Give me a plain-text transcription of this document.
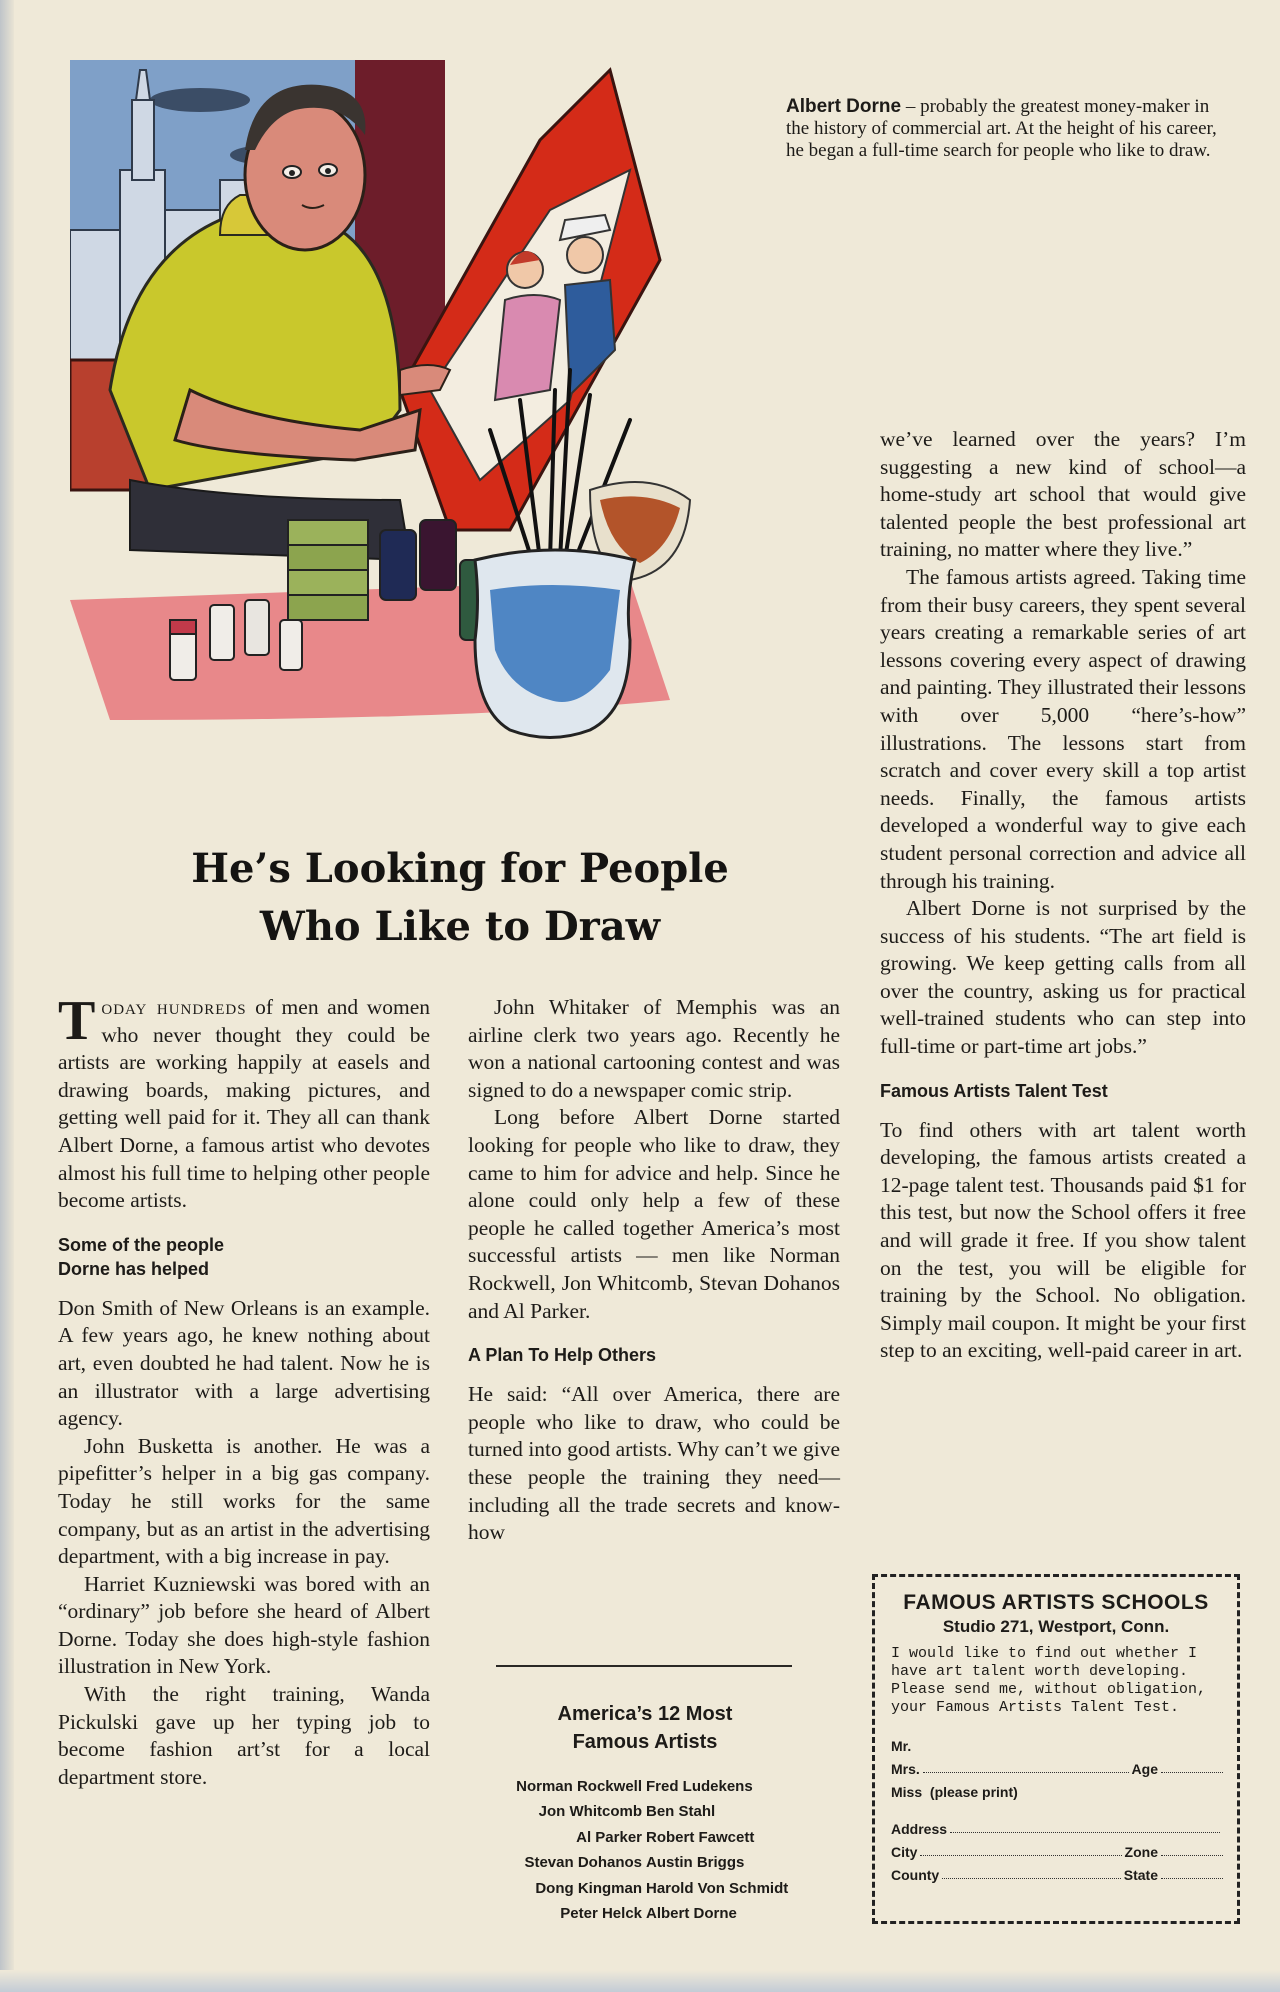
Albert Dorne – probably the greatest money-maker in the history of commercial art. At the height of his career, he began a full-time search for people who like to draw.
He’s Looking for People
Who Like to Draw

Today hundreds of men and women who never thought they could be artists are working happily at easels and drawing boards, making pictures, and getting well paid for it. They all can thank Albert Dorne, a famous artist who devotes almost his full time to helping other people become artists.

Some of the people
Dorne has helped

Don Smith of New Orleans is an example. A few years ago, he knew nothing about art, even doubted he had talent. Now he is an illustrator with a large advertising agency.

John Busketta is another. He was a pipefitter’s helper in a big gas company. Today he still works for the same company, but as an artist in the advertising department, with a big increase in pay.

Harriet Kuzniewski was bored with an “ordinary” job before she heard of Albert Dorne. Today she does high-style fashion illustration in New York.

With the right training, Wanda Pickulski gave up her typing job to become fashion art’st for a local department store.

John Whitaker of Memphis was an airline clerk two years ago. Recently he won a national cartooning contest and was signed to do a newspaper comic strip.

Long before Albert Dorne started looking for people who like to draw, they came to him for advice and help. Since he alone could only help a few of these people he called together America’s most successful artists — men like Norman Rockwell, Jon Whitcomb, Stevan Dohanos and Al Parker.

A Plan To Help Others

He said: “All over America, there are people who like to draw, who could be turned into good artists. Why can’t we give these people the training they need—including all the trade secrets and know-how

America’s 12 Most
Famous Artists
Norman Rockwell Fred Ludekens
Jon Whitcomb Ben Stahl
Al Parker Robert Fawcett
Stevan Dohanos Austin Briggs
Dong Kingman Harold Von Schmidt
Peter Helck Albert Dorne

we’ve learned over the years? I’m suggesting a new kind of school—a home-study art school that would give talented people the best professional art training, no matter where they live.”

The famous artists agreed. Taking time from their busy careers, they spent several years creating a remarkable series of art lessons covering every aspect of drawing and painting. They illustrated their lessons with over 5,000 “here’s-how” illustrations. The lessons start from scratch and cover every skill a top artist needs. Finally, the famous artists developed a wonderful way to give each student personal correction and advice all through his training.

Albert Dorne is not surprised by the success of his students. “The art field is growing. We keep getting calls from all over the country, asking us for practical well-trained students who can step into full-time or part-time art jobs.”

Famous Artists Talent Test

To find others with art talent worth developing, the famous artists created a 12-page talent test. Thousands paid $1 for this test, but now the School offers it free and will grade it free. If you show talent on the test, you will be eligible for training by the School. No obligation. Simply mail coupon. It might be your first step to an exciting, well-paid career in art.

FAMOUS ARTISTS SCHOOLS
Studio 271, Westport, Conn.
I would like to find out whether I have art talent worth developing. Please send me, without obligation, your Famous Artists Talent Test.
Mr.
Mrs.	Age
Miss
(please print)
Address
City	Zone
County	State
